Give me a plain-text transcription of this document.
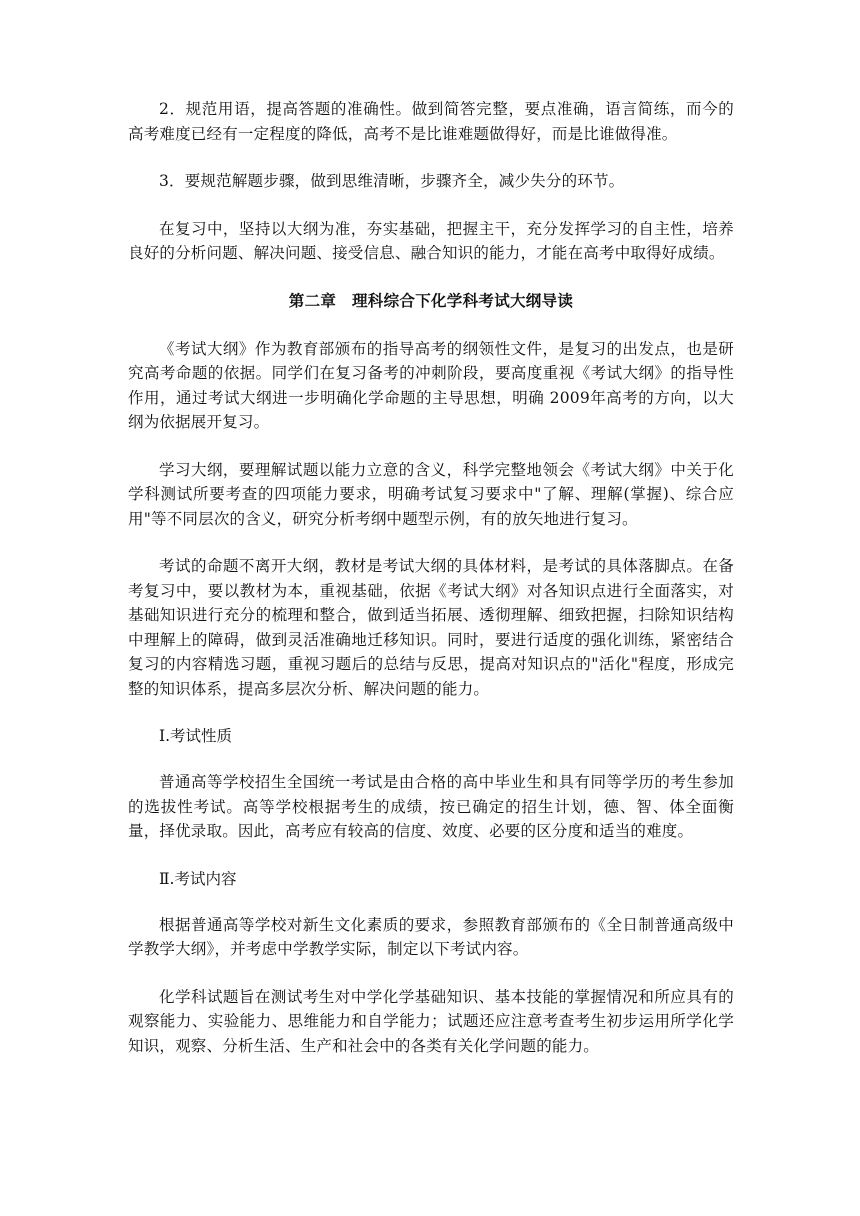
2．规范用语，提高答题的准确性。做到简答完整，要点准确，语言简练，而今的高考难度已经有一定程度的降低，高考不是比谁难题做得好，而是比谁做得准。

3．要规范解题步骤，做到思维清晰，步骤齐全，减少失分的环节。

在复习中，坚持以大纲为准，夯实基础，把握主干，充分发挥学习的自主性，培养良好的分析问题、解决问题、接受信息、融合知识的能力，才能在高考中取得好成绩。

第二章　理科综合下化学科考试大纲导读

《考试大纲》作为教育部颁布的指导高考的纲领性文件，是复习的出发点，也是研究高考命题的依据。同学们在复习备考的冲刺阶段，要高度重视《考试大纲》的指导性作用，通过考试大纲进一步明确化学命题的主导思想，明确 2009年高考的方向，以大纲为依据展开复习。

学习大纲，要理解试题以能力立意的含义，科学完整地领会《考试大纲》中关于化学科测试所要考查的四项能力要求，明确考试复习要求中"了解、理解(掌握)、综合应用"等不同层次的含义，研究分析考纲中题型示例，有的放矢地进行复习。

考试的命题不离开大纲，教材是考试大纲的具体材料，是考试的具体落脚点。在备考复习中，要以教材为本，重视基础，依据《考试大纲》对各知识点进行全面落实，对基础知识进行充分的梳理和整合，做到适当拓展、透彻理解、细致把握，扫除知识结构中理解上的障碍，做到灵活准确地迁移知识。同时，要进行适度的强化训练，紧密结合复习的内容精选习题，重视习题后的总结与反思，提高对知识点的"活化"程度，形成完整的知识体系，提高多层次分析、解决问题的能力。

Ⅰ.考试性质

普通高等学校招生全国统一考试是由合格的高中毕业生和具有同等学历的考生参加的选拔性考试。高等学校根据考生的成绩，按已确定的招生计划，德、智、体全面衡量，择优录取。因此，高考应有较高的信度、效度、必要的区分度和适当的难度。

Ⅱ.考试内容

根据普通高等学校对新生文化素质的要求，参照教育部颁布的《全日制普通高级中学教学大纲》，并考虑中学教学实际，制定以下考试内容。

化学科试题旨在测试考生对中学化学基础知识、基本技能的掌握情况和所应具有的观察能力、实验能力、思维能力和自学能力；试题还应注意考查考生初步运用所学化学知识，观察、分析生活、生产和社会中的各类有关化学问题的能力。
